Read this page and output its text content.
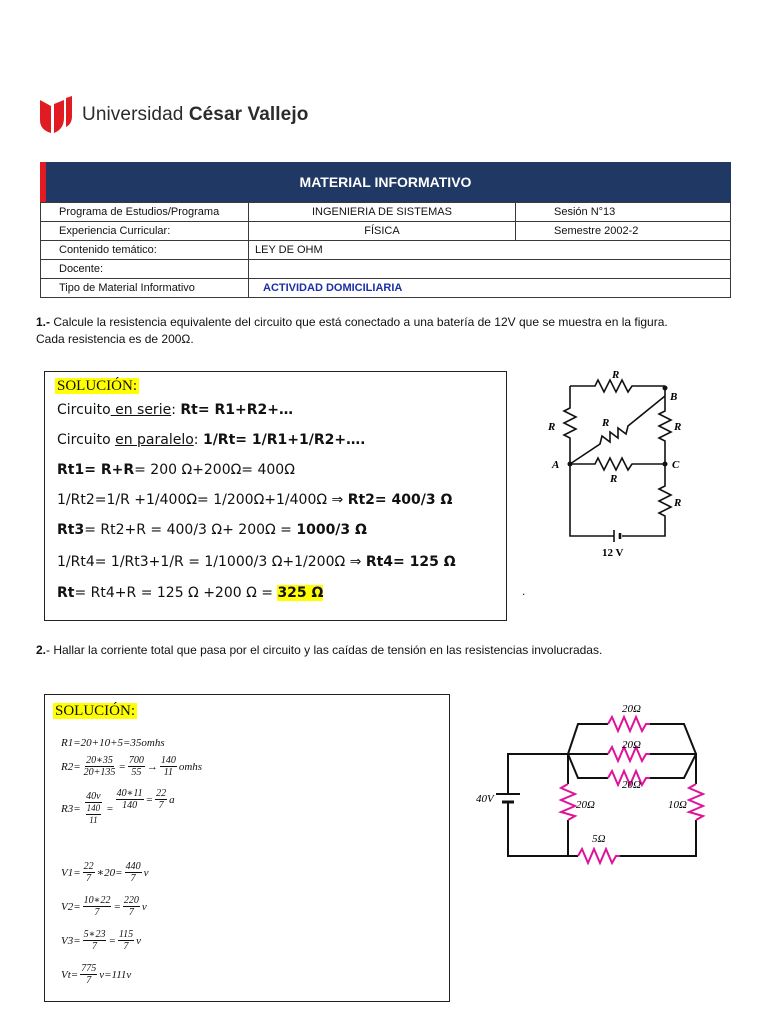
Universidad César Vallejo
MATERIAL INFORMATIVO
Programa de Estudios/Programa	INGENIERIA DE SISTEMAS	Sesión N°13
Experiencia Curricular:	FÍSICA	Semestre 2002-2
Contenido temático:	LEY DE OHM	
Docente:		
Tipo de Material Informativo	ACTIVIDAD DOMICILIARIA	
1.- Calcule la resistencia equivalente del circuito que está conectado a una batería de 12V que se muestra en la figura.
Cada resistencia es de 200Ω.
SOLUCIÓN:
Circuito en serie: Rt= R1+R2+…
Circuito en paralelo: 1/Rt= 1/R1+1/R2+….
Rt1= R+R= 200 Ω+200Ω= 400Ω
1/Rt2=1/R +1/400Ω= 1/200Ω+1/400Ω ⇒ Rt2= 400/3 Ω
Rt3= Rt2+R = 400/3 Ω+ 200Ω = 1000/3 Ω
1/Rt4= 1/Rt3+1/R = 1/1000/3 Ω+1/200Ω ⇒ Rt4= 125 Ω
Rt= Rt4+R = 125 Ω +200 Ω = 325 Ω
R
R	R	R
R
R
A
B
C
12 V
.
2.- Hallar la corriente total que pasa por el circuito y las caídas de tensión en las resistencias involucradas.
SOLUCIÓN:
R1=20+10+5=35omhs
$R2= \frac{20∗35}{20+135} = \frac{700}{55} \to \frac{140}{11}$ omhs
$R3= \frac{40v}{\frac{140}{11}} = \frac{40∗11}{140} = \frac{22}{7}$ a
$V1= \frac{22}{7}$ ∗20= $\frac{440}{7}$ v
$V2= \frac{10∗22}{7} = \frac{220}{7}$ v
$V3= \frac{5∗23}{7} = \frac{115}{7}$ v
$Vt= \frac{775}{7} v=111v$
20Ω
20Ω
20Ω
20Ω	10Ω
5Ω
40V
